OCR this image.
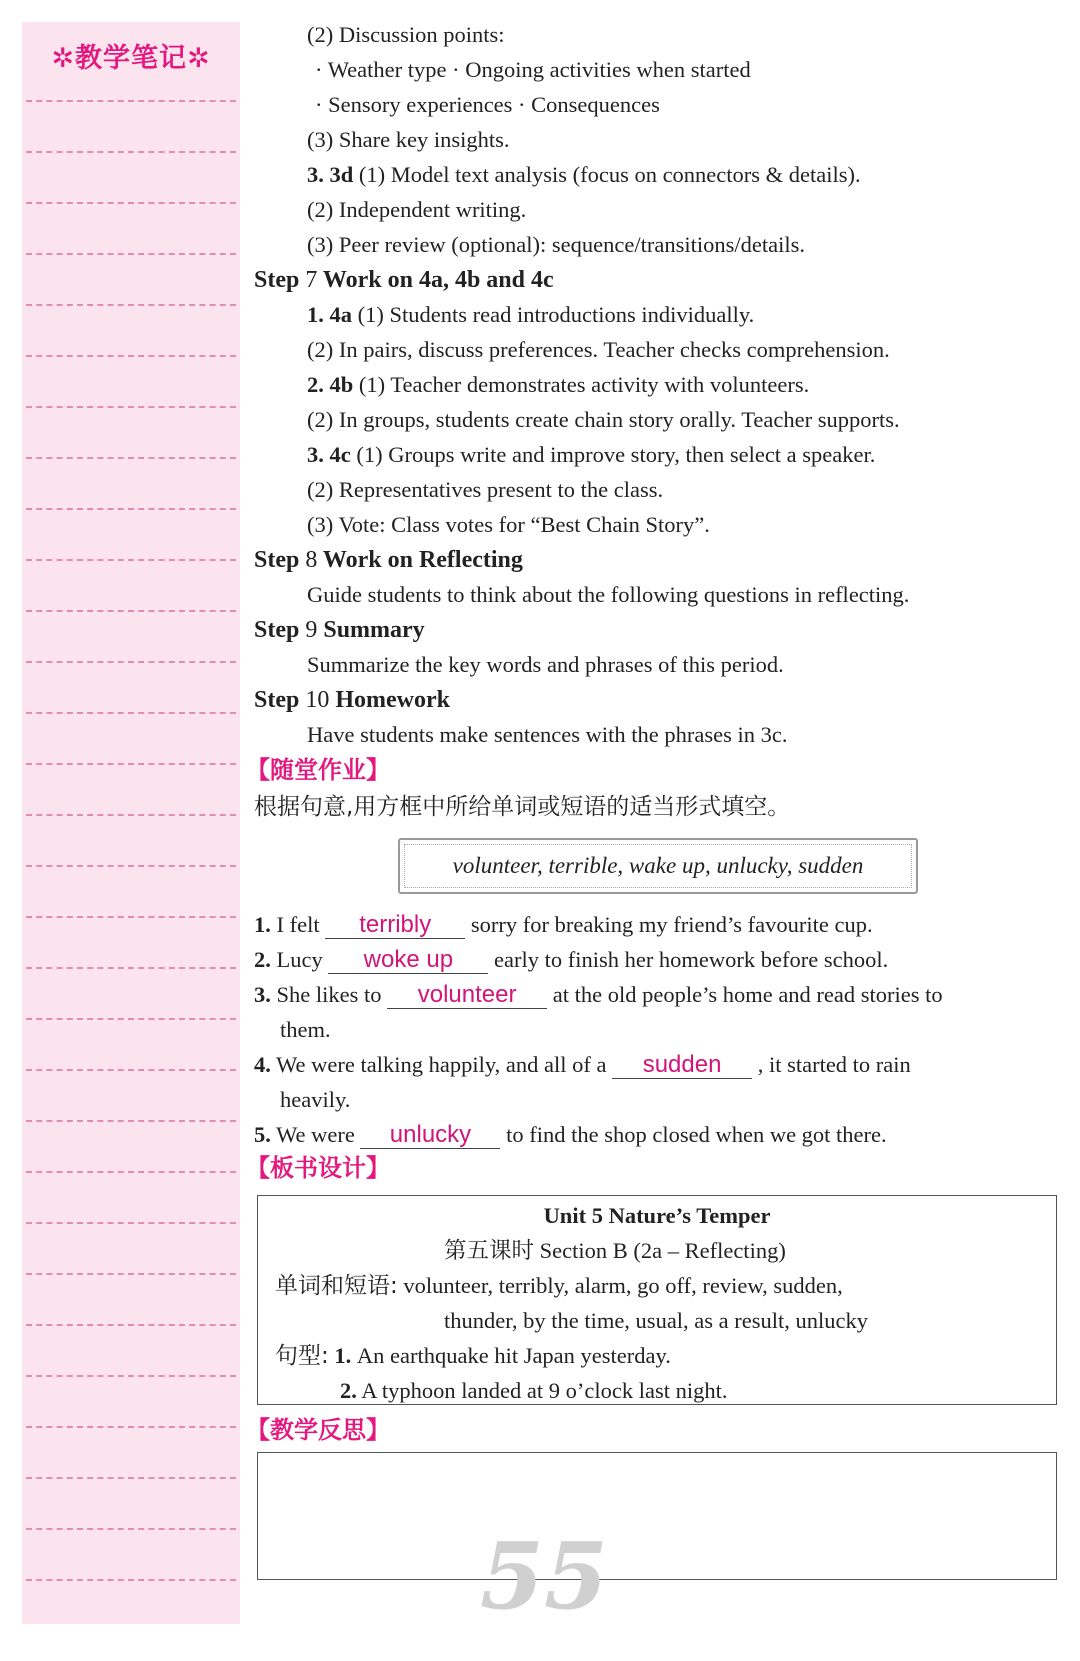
✲教学笔记✲
(2) Discussion points:
· Weather type · Ongoing activities when started
· Sensory experiences · Consequences
(3) Share key insights.
3. 3d (1) Model text analysis (focus on connectors & details).
(2) Independent writing.
(3) Peer review (optional): sequence/transitions/details.
Step 7 Work on 4a, 4b and 4c
1. 4a (1) Students read introductions individually.
(2) In pairs, discuss preferences. Teacher checks comprehension.
2. 4b (1) Teacher demonstrates activity with volunteers.
(2) In groups, students create chain story orally. Teacher supports.
3. 4c (1) Groups write and improve story, then select a speaker.
(2) Representatives present to the class.
(3) Vote: Class votes for “Best Chain Story”.
Step 8 Work on Reflecting
Guide students to think about the following questions in reflecting.
Step 9 Summary
Summarize the key words and phrases of this period.
Step 10 Homework
Have students make sentences with the phrases in 3c.
【随堂作业】
根据句意,用方框中所给单词或短语的适当形式填空。
volunteer, terrible, wake up, unlucky, sudden
1. I felt terribly sorry for breaking my friend’s favourite cup.
2. Lucy woke up early to finish her homework before school.
3. She likes to volunteer at the old people’s home and read stories to
them.
4. We were talking happily, and all of a sudden , it started to rain
heavily.
5. We were unlucky to find the shop closed when we got there.
【板书设计】
Unit 5 Nature’s Temper
第五课时 Section B (2a – Reflecting)
单词和短语: volunteer, terribly, alarm, go off, review, sudden,
thunder, by the time, usual, as a result, unlucky
句型: 1. An earthquake hit Japan yesterday.
2. A typhoon landed at 9 o’clock last night.
【教学反思】
55
